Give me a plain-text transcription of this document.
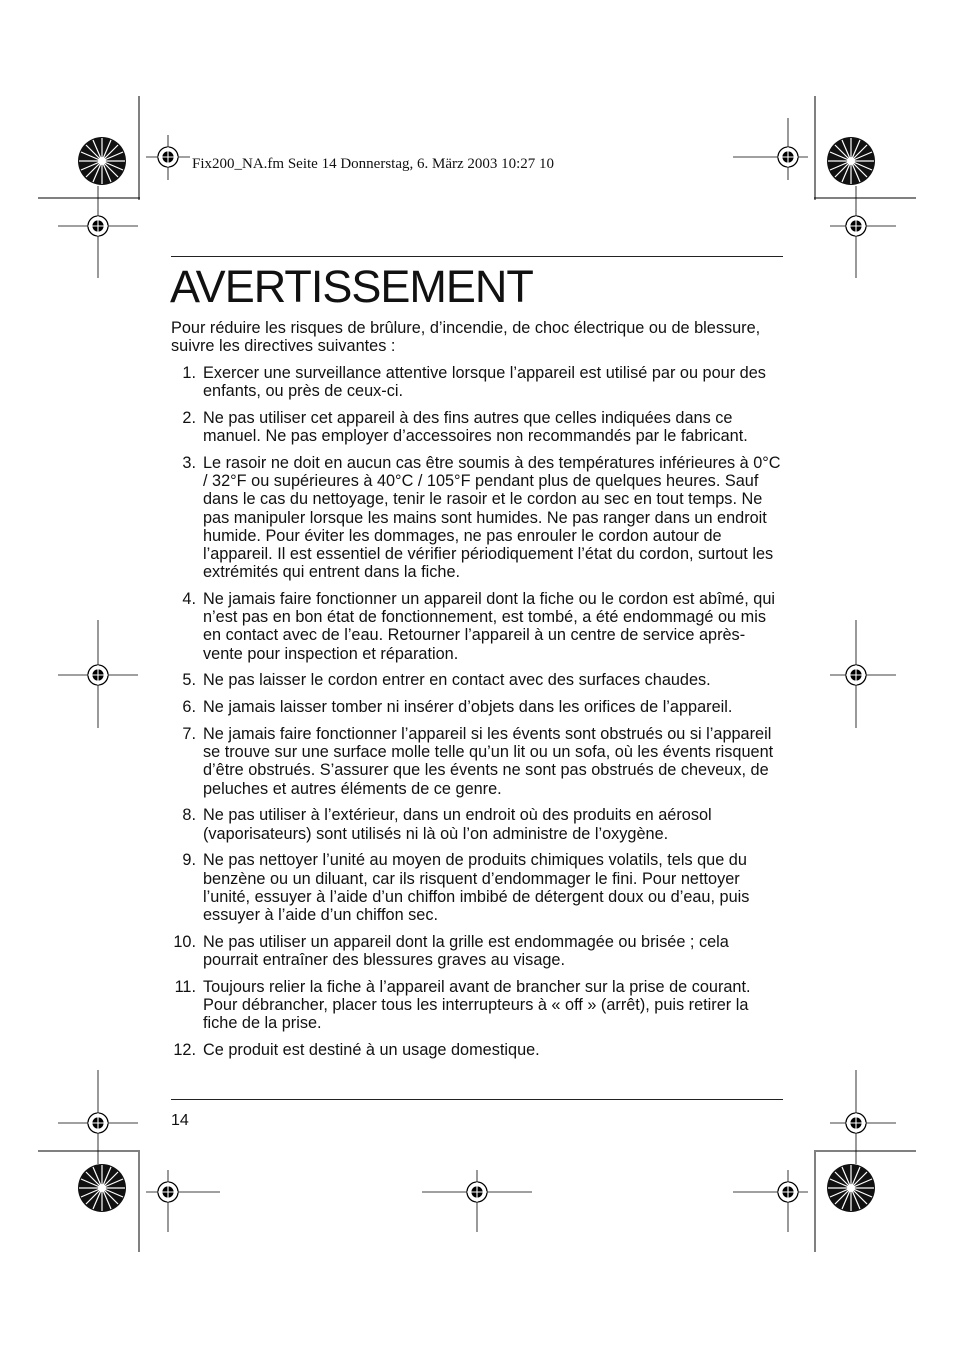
Fix200_NA.fm Seite 14 Donnerstag, 6. März 2003 10:27 10
AVERTISSEMENT

Pour réduire les risques de brûlure, d’incendie, de choc électrique ou de blessure, suivre les directives suivantes :

1. Exercer une surveillance attentive lorsque l’appareil est utilisé par ou pour des enfants, ou près de ceux-ci.
2. Ne pas utiliser cet appareil à des fins autres que celles indiquées dans ce manuel. Ne pas employer d’accessoires non recommandés par le fabricant.
3. Le rasoir ne doit en aucun cas être soumis à des températures inférieures à 0°C / 32°F ou supérieures à 40°C / 105°F pendant plus de quelques heures. Sauf dans le cas du nettoyage, tenir le rasoir et le cordon au sec en tout temps. Ne pas manipuler lorsque les mains sont humides. Ne pas ranger dans un endroit humide. Pour éviter les dommages, ne pas enrouler le cordon autour de l’appareil. Il est essentiel de vérifier périodiquement l’état du cordon, surtout les extrémités qui entrent dans la fiche.
4. Ne jamais faire fonctionner un appareil dont la fiche ou le cordon est abîmé, qui n’est pas en bon état de fonctionnement, est tombé, a été endommagé ou mis en contact avec de l’eau. Retourner l’appareil à un centre de service après-vente pour inspection et réparation.
5. Ne pas laisser le cordon entrer en contact avec des surfaces chaudes.
6. Ne jamais laisser tomber ni insérer d’objets dans les orifices de l’appareil.
7. Ne jamais faire fonctionner l’appareil si les évents sont obstrués ou si l’appareil se trouve sur une surface molle telle qu’un lit ou un sofa, où les évents risquent d’être obstrués. S’assurer que les évents ne sont pas obstrués de cheveux, de peluches et autres éléments de ce genre.
8. Ne pas utiliser à l’extérieur, dans un endroit où des produits en aérosol (vaporisateurs) sont utilisés ni là où l’on administre de l’oxygène.
9. Ne pas nettoyer l’unité au moyen de produits chimiques volatils, tels que du benzène ou un diluant, car ils risquent d’endommager le fini. Pour nettoyer l’unité, essuyer à l’aide d’un chiffon imbibé de détergent doux ou d’eau, puis essuyer à l’aide d’un chiffon sec.
10. Ne pas utiliser un appareil dont la grille est endommagée ou brisée ; cela pourrait entraîner des blessures graves au visage.
11. Toujours relier la fiche à l’appareil avant de brancher sur la prise de courant. Pour débrancher, placer tous les interrupteurs à « off » (arrêt), puis retirer la fiche de la prise.
12. Ce produit est destiné à un usage domestique.
14
